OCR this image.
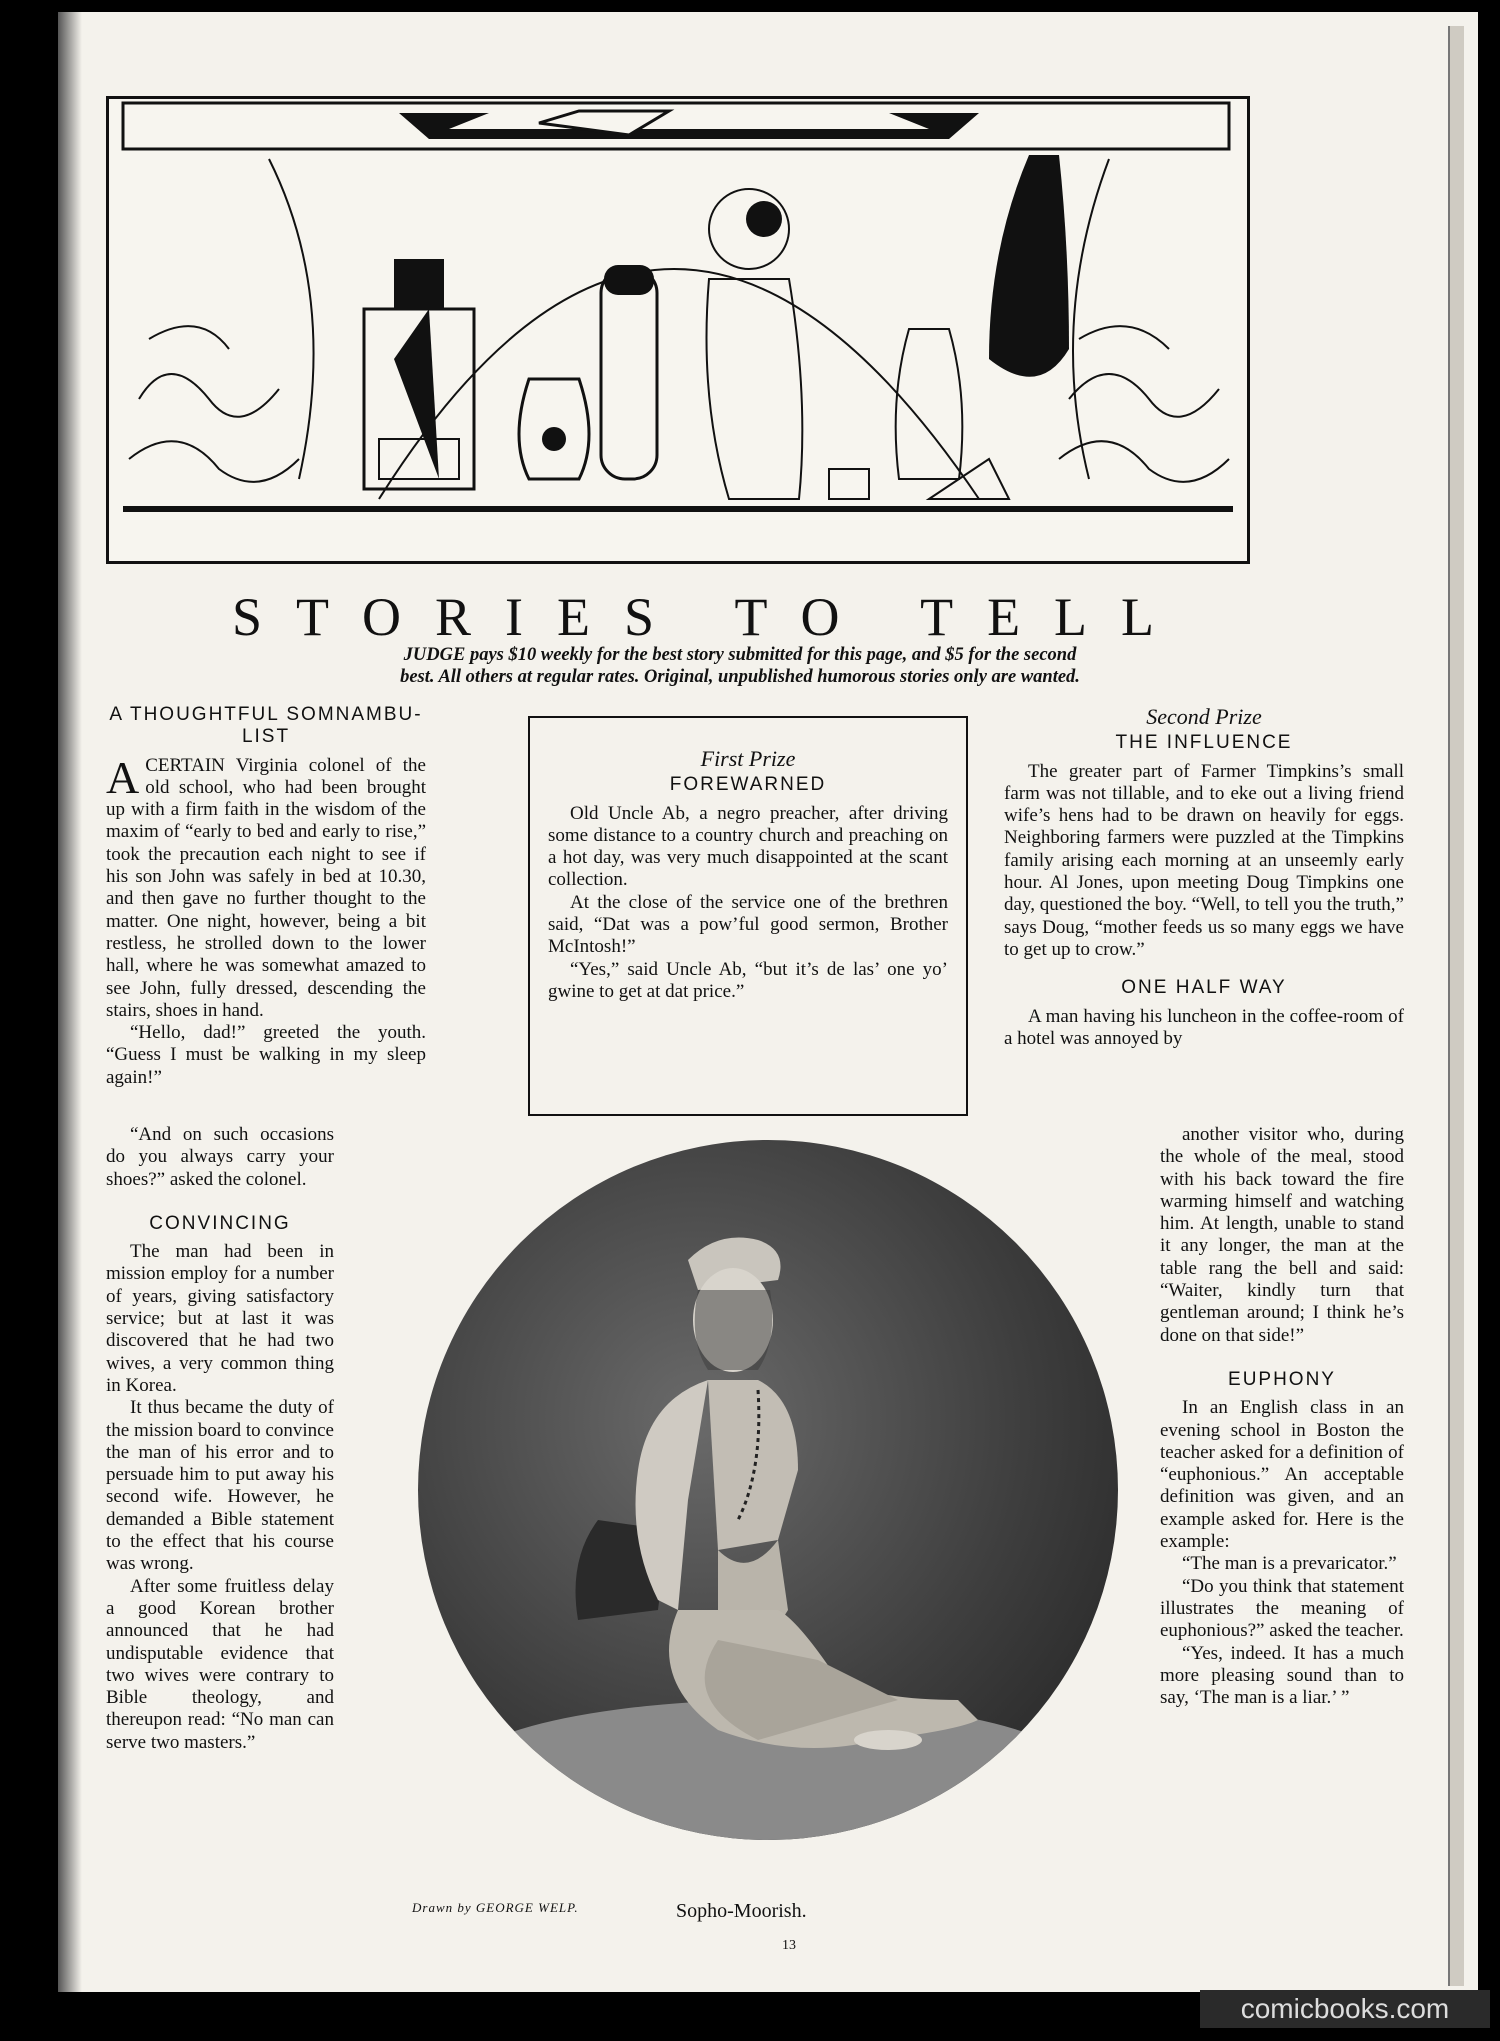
STORIES TO TELL
JUDGE pays $10 weekly for the best story submitted for this page, and $5 for the second
best. All others at regular rates. Original, unpublished humorous stories only are wanted.
A THOUGHTFUL SOMNAMBU-
LIST

ACERTAIN Virginia colonel of the old school, who had been brought up with a firm faith in the wisdom of the maxim of “early to bed and early to rise,” took the precaution each night to see if his son John was safely in bed at 10.30, and then gave no further thought to the matter. One night, however, being a bit restless, he strolled down to the lower hall, where he was somewhat amazed to see John, fully dressed, descending the stairs, shoes in hand.

“Hello, dad!” greeted the youth. “Guess I must be walking in my sleep again!”

“And on such occasions do you always carry your shoes?” asked the colonel.

CONVINCING

The man had been in mission employ for a number of years, giving satisfactory service; but at last it was discovered that he had two wives, a very common thing in Korea.

It thus became the duty of the mission board to convince the man of his error and to persuade him to put away his second wife. However, he demanded a Bible statement to the effect that his course was wrong.

After some fruitless delay a good Korean brother announced that he had undisputable evidence that two wives were contrary to Bible theology, and thereupon read: “No man can serve two masters.”

First Prize
FOREWARNED

Old Uncle Ab, a negro preacher, after driving some distance to a country church and preaching on a hot day, was very much disappointed at the scant collection.

At the close of the service one of the brethren said, “Dat was a pow’ful good sermon, Brother McIntosh!”

“Yes,” said Uncle Ab, “but it’s de las’ one yo’ gwine to get at dat price.”

Second Prize
THE INFLUENCE

The greater part of Farmer Timpkins’s small farm was not tillable, and to eke out a living friend wife’s hens had to be drawn on heavily for eggs. Neighboring farmers were puzzled at the Timpkins family arising each morning at an unseemly early hour. Al Jones, upon meeting Doug Timpkins one day, questioned the boy. “Well, to tell you the truth,” says Doug, “mother feeds us so many eggs we have to get up to crow.”

ONE HALF WAY

A man having his luncheon in the coffee-room of a hotel was annoyed by

another visitor who, during the whole of the meal, stood with his back toward the fire warming himself and watching him. At length, unable to stand it any longer, the man at the table rang the bell and said: “Waiter, kindly turn that gentleman around; I think he’s done on that side!”

EUPHONY

In an English class in an evening school in Boston the teacher asked for a definition of “euphonious.” An acceptable definition was given, and an example asked for. Here is the example:

“The man is a prevaricator.”

“Do you think that statement illustrates the meaning of euphonious?” asked the teacher.

“Yes, indeed. It has a much more pleasing sound than to say, ‘The man is a liar.’ ”

Drawn by GEORGE WELP.	Sopho-Moorish.
13
comicbooks.com
